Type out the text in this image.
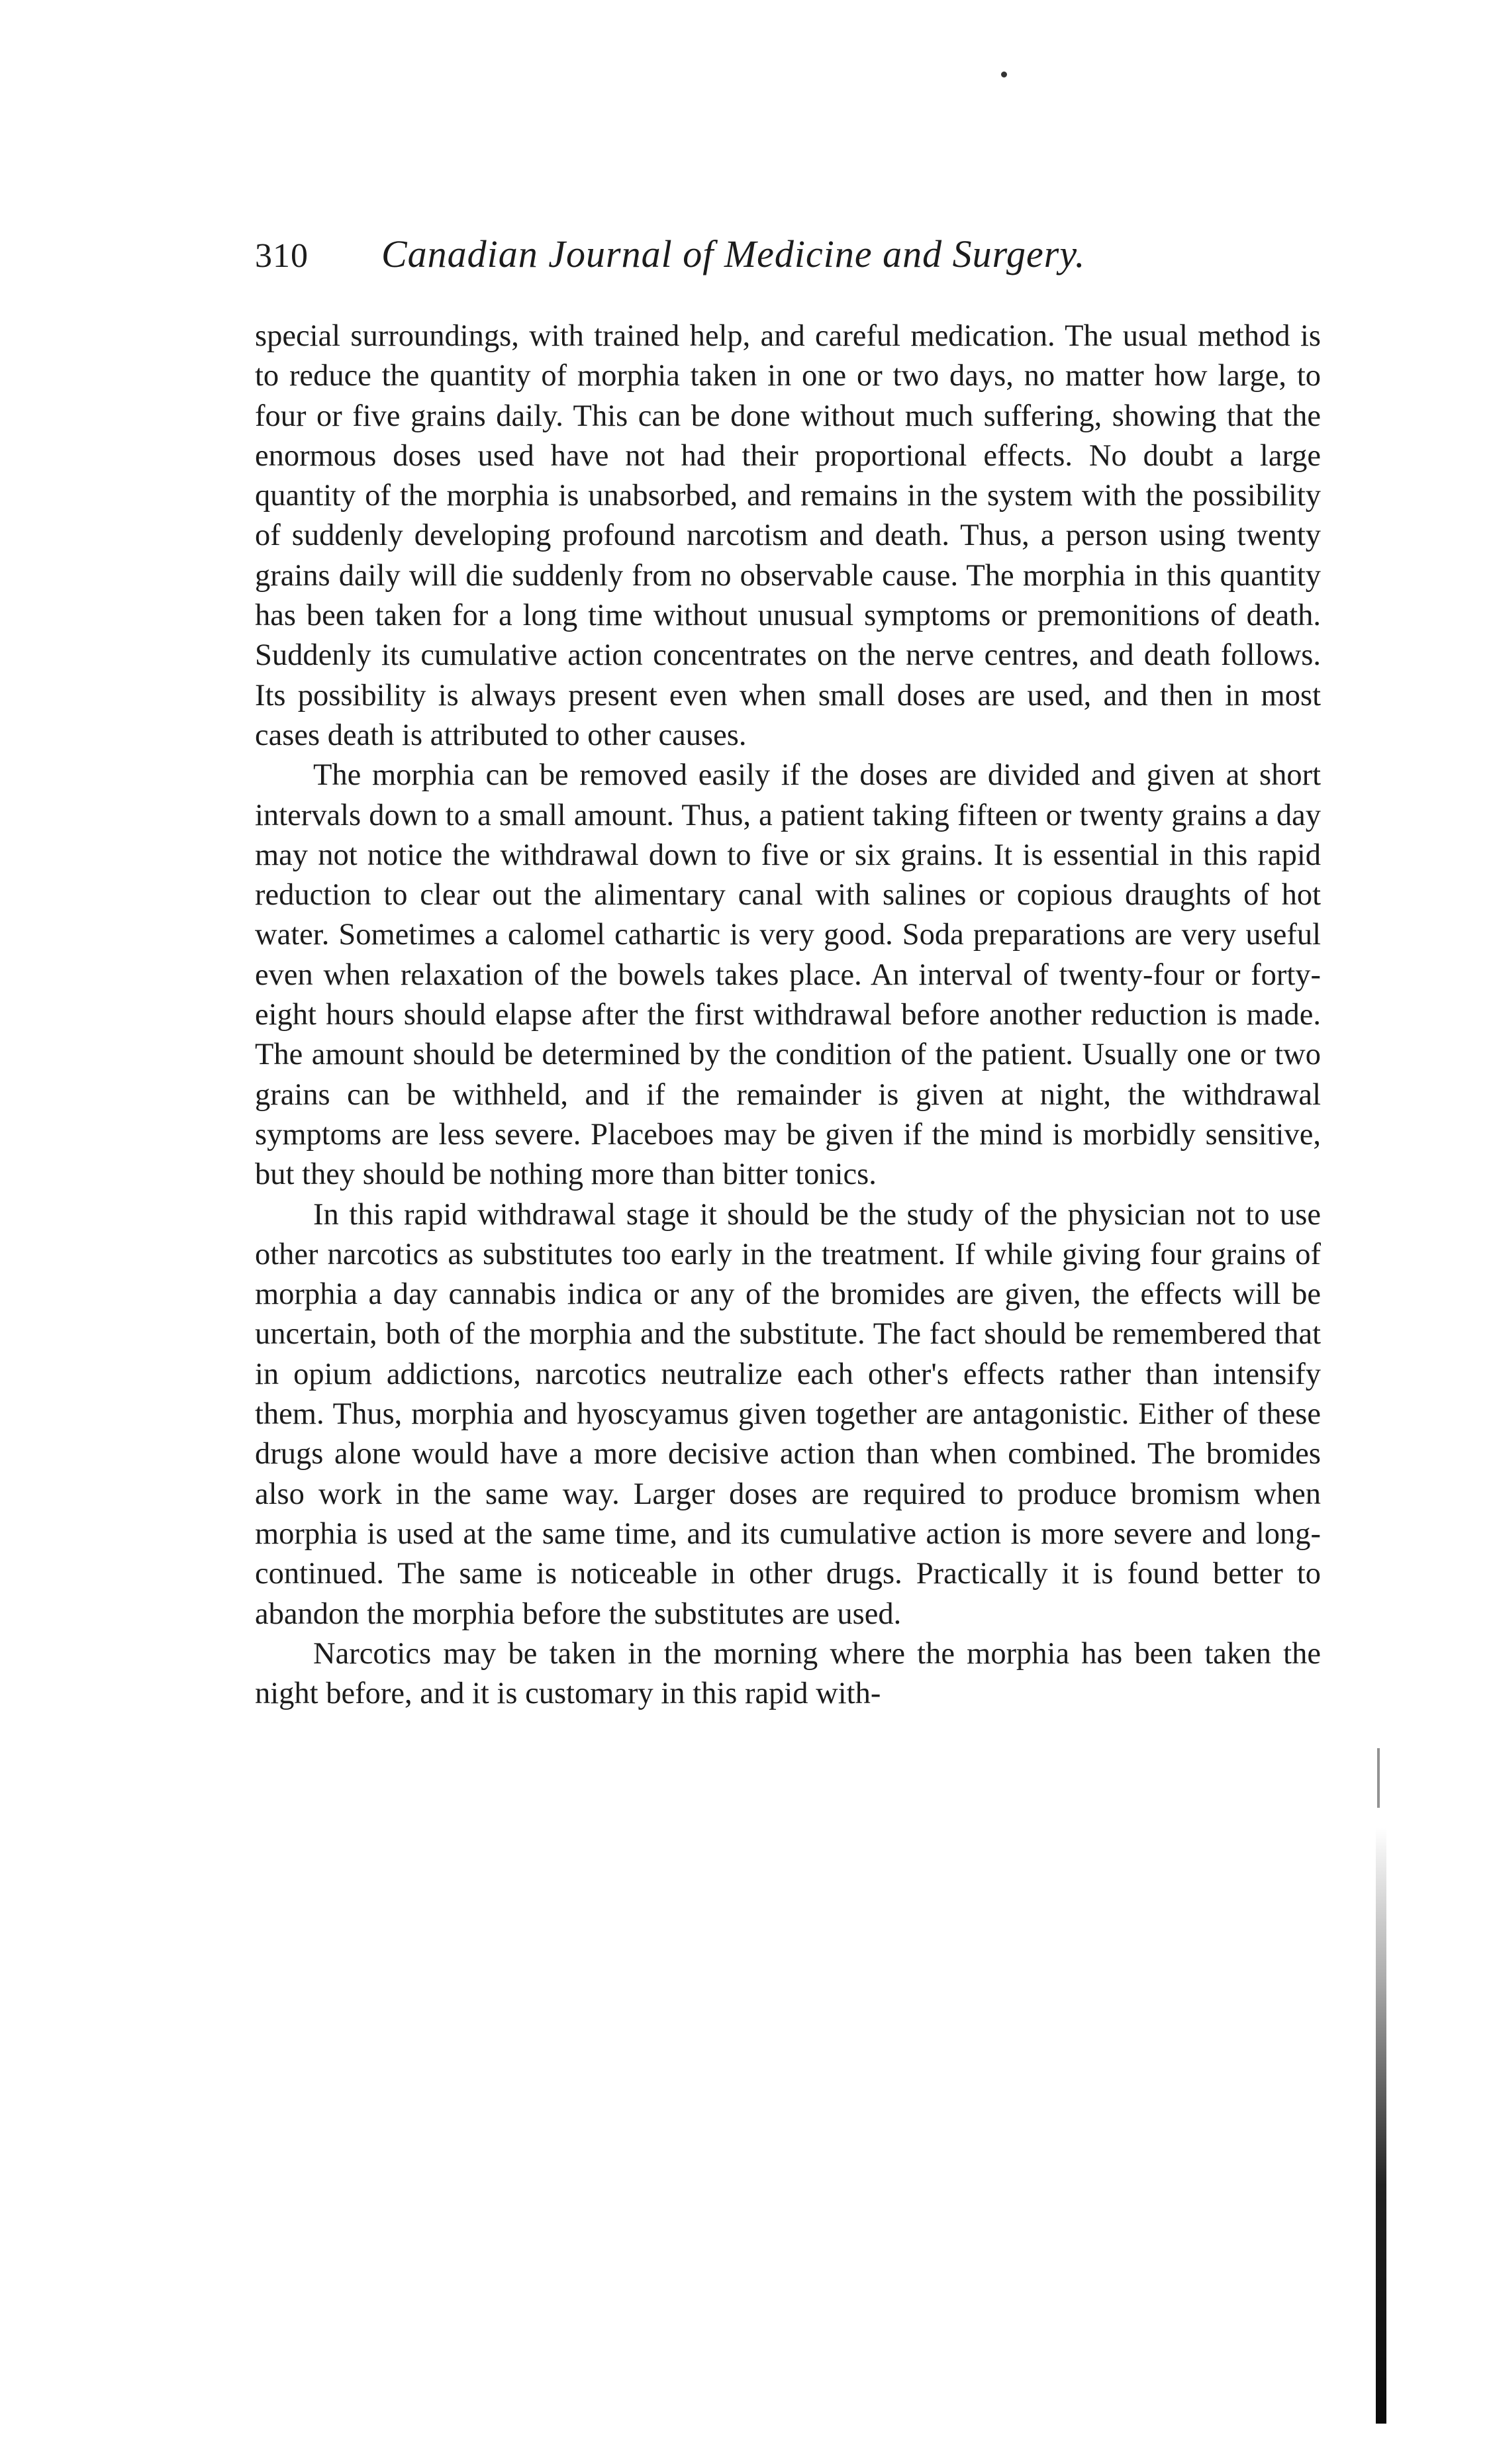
310 Canadian Journal of Medicine and Surgery.

special surroundings, with trained help, and careful medication. The usual method is to reduce the quantity of morphia taken in one or two days, no matter how large, to four or five grains daily. This can be done without much suffering, showing that the enormous doses used have not had their proportional effects. No doubt a large quantity of the morphia is unabsorbed, and remains in the system with the possibility of suddenly developing profound narcotism and death. Thus, a person using twenty grains daily will die suddenly from no observable cause. The morphia in this quantity has been taken for a long time without unusual symptoms or premonitions of death. Suddenly its cumulative action concentrates on the nerve centres, and death follows. Its possibility is always present even when small doses are used, and then in most cases death is attributed to other causes.

The morphia can be removed easily if the doses are divided and given at short intervals down to a small amount. Thus, a patient taking fifteen or twenty grains a day may not notice the withdrawal down to five or six grains. It is essential in this rapid reduction to clear out the alimentary canal with salines or copious draughts of hot water. Sometimes a calomel cathartic is very good. Soda preparations are very useful even when relaxation of the bowels takes place. An interval of twenty-four or forty-eight hours should elapse after the first withdrawal before another reduction is made. The amount should be determined by the condition of the patient. Usually one or two grains can be withheld, and if the remainder is given at night, the withdrawal symptoms are less severe. Placeboes may be given if the mind is morbidly sensitive, but they should be nothing more than bitter tonics.

In this rapid withdrawal stage it should be the study of the physician not to use other narcotics as substitutes too early in the treatment. If while giving four grains of morphia a day cannabis indica or any of the bromides are given, the effects will be uncertain, both of the morphia and the substitute. The fact should be remembered that in opium addictions, narcotics neutralize each other's effects rather than intensify them. Thus, morphia and hyoscyamus given together are antagonistic. Either of these drugs alone would have a more decisive action than when combined. The bromides also work in the same way. Larger doses are required to produce bromism when morphia is used at the same time, and its cumulative action is more severe and long-continued. The same is noticeable in other drugs. Practically it is found better to abandon the morphia before the substitutes are used.

Narcotics may be taken in the morning where the morphia has been taken the night before, and it is customary in this rapid with-
